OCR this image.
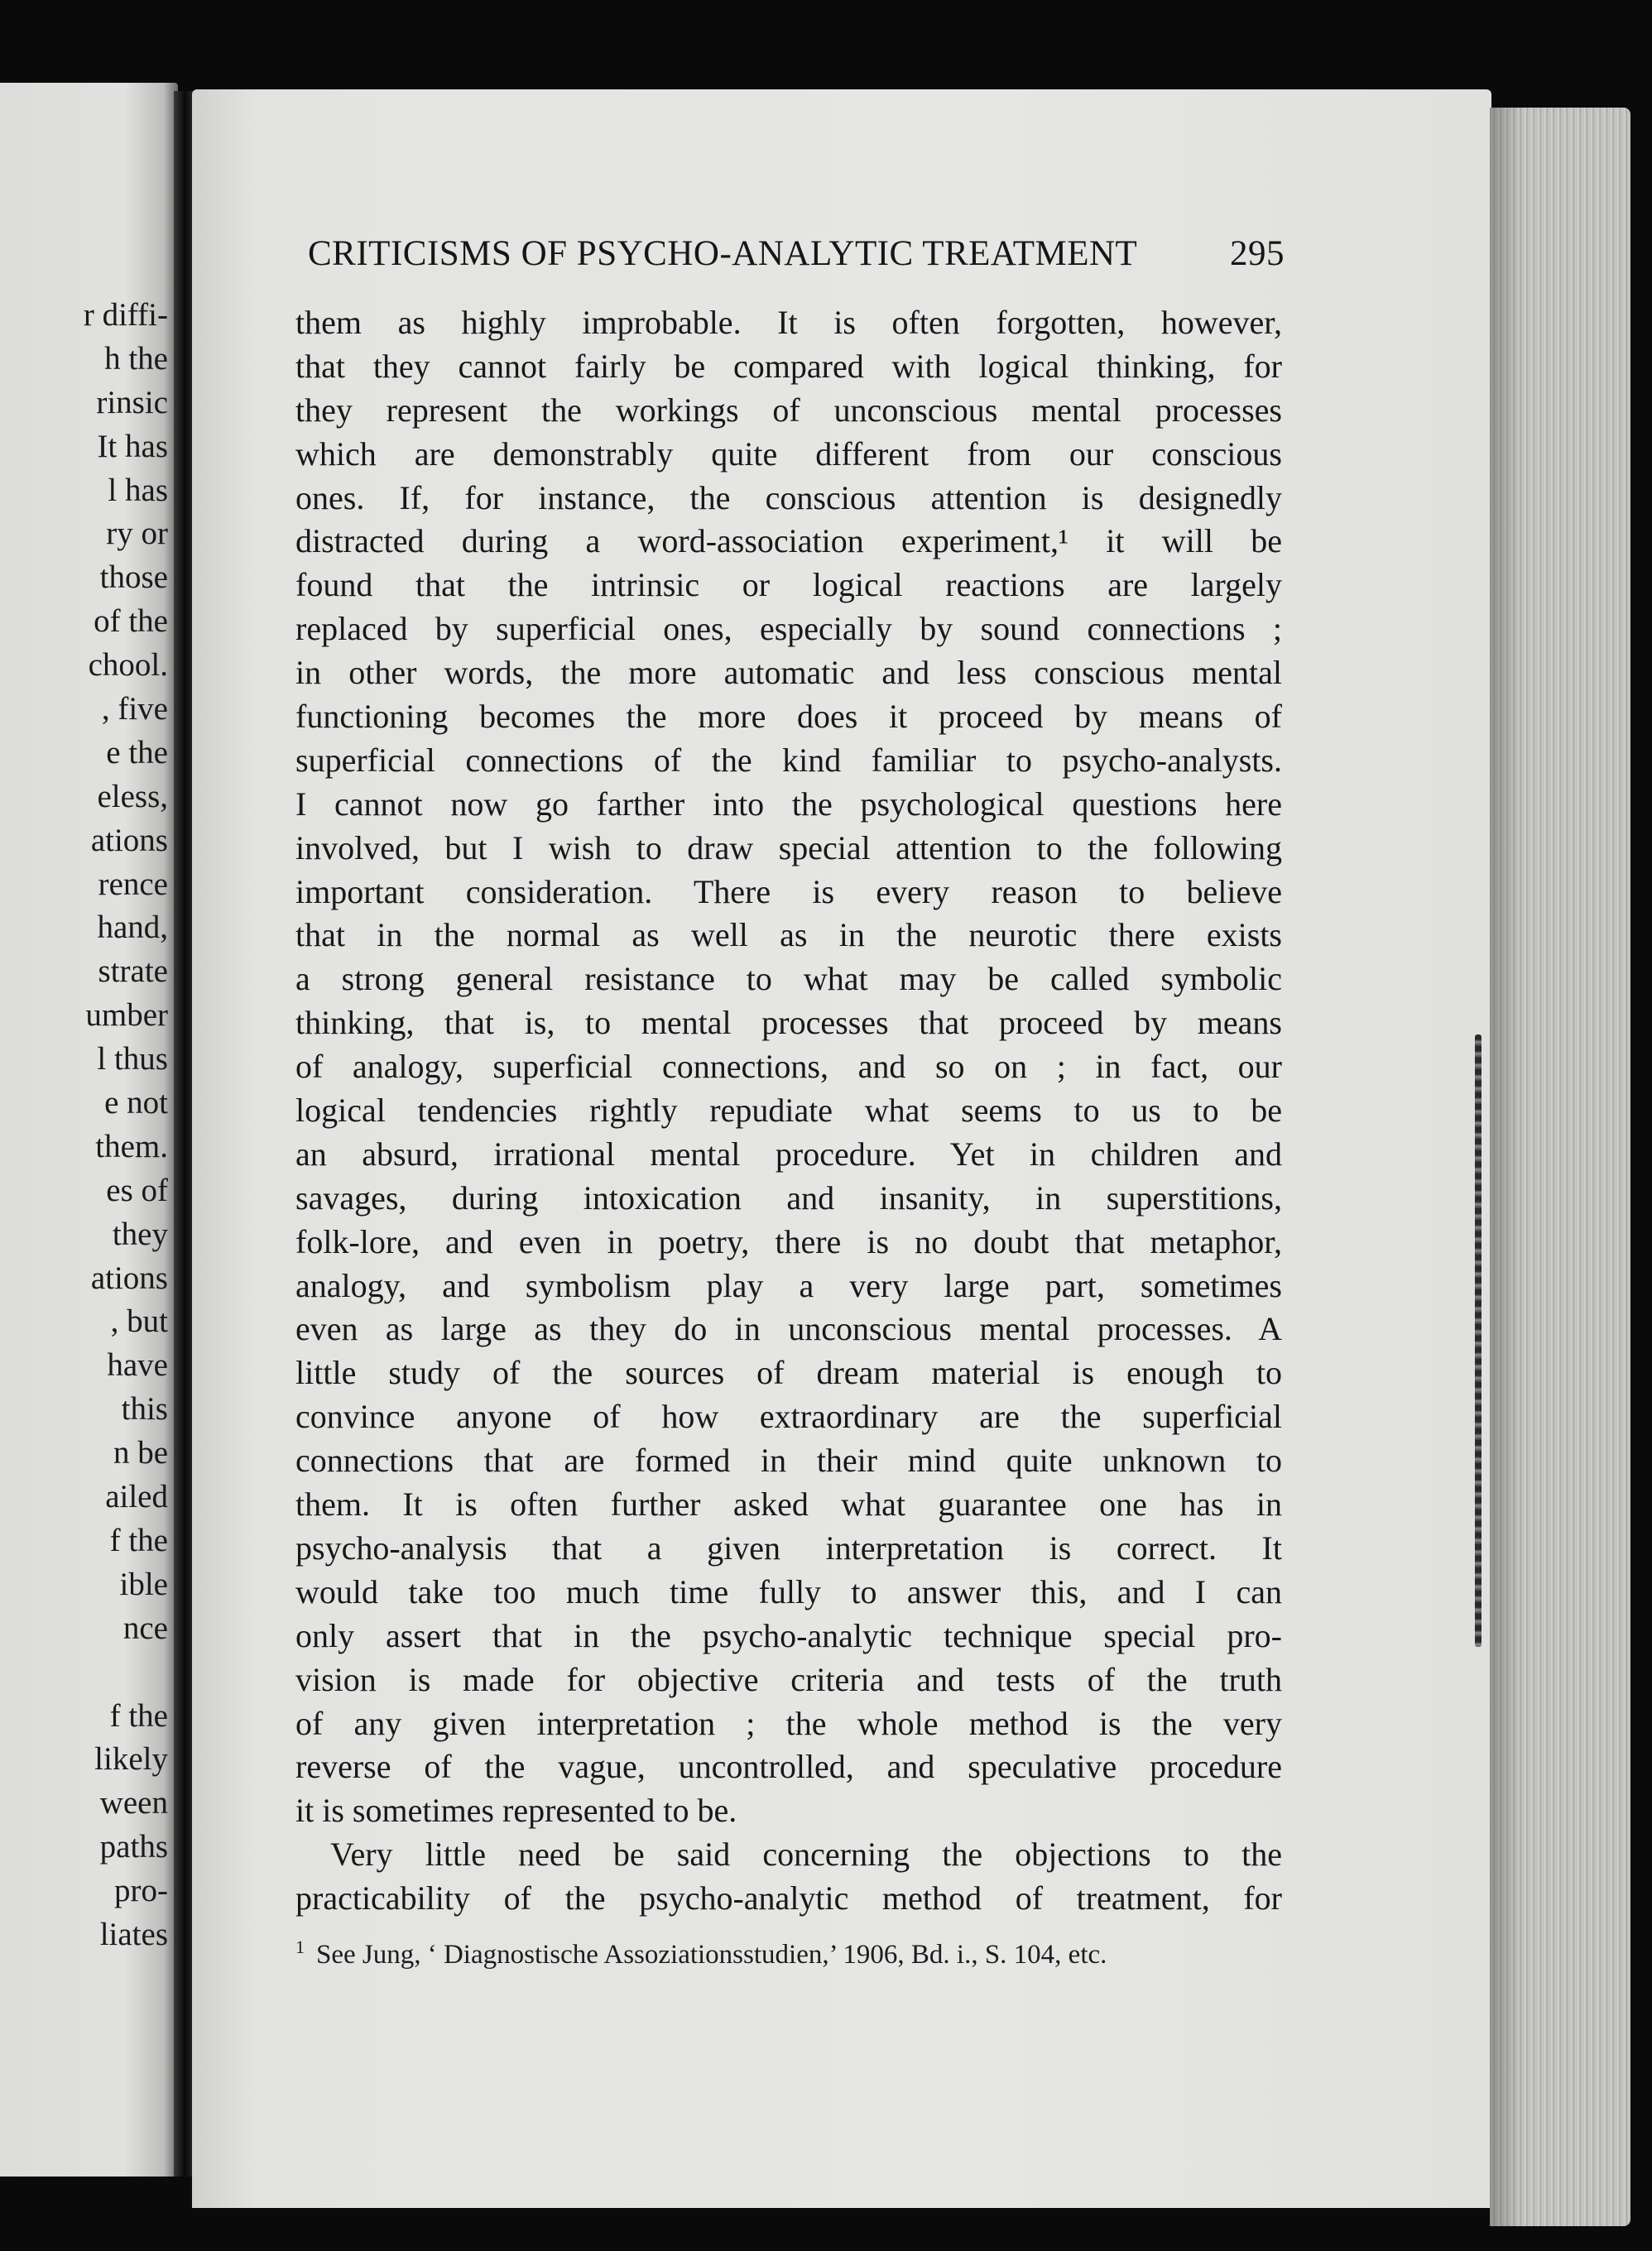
r diffi-
h the
rinsic
It has
l has
ry or
those
of the
chool.
, five
e the
eless,
ations
rence
hand,
strate
umber
l thus
e not
them.
es of
they
ations
, but
have
this
n be
ailed
f the
ible
nce
f the
likely
ween
paths
pro-
liates
CRITICISMS OF PSYCHO-ANALYTIC TREATMENT	295
them as highly improbable. It is often forgotten, however,
that they cannot fairly be compared with logical thinking, for
they represent the workings of unconscious mental processes
which are demonstrably quite different from our conscious
ones. If, for instance, the conscious attention is designedly
distracted during a word-association experiment,¹ it will be
found that the intrinsic or logical reactions are largely
replaced by superficial ones, especially by sound connections ;
in other words, the more automatic and less conscious mental
functioning becomes the more does it proceed by means of
superficial connections of the kind familiar to psycho-analysts.
I cannot now go farther into the psychological questions here
involved, but I wish to draw special attention to the following
important consideration. There is every reason to believe
that in the normal as well as in the neurotic there exists
a strong general resistance to what may be called symbolic
thinking, that is, to mental processes that proceed by means
of analogy, superficial connections, and so on ; in fact, our
logical tendencies rightly repudiate what seems to us to be
an absurd, irrational mental procedure. Yet in children and
savages, during intoxication and insanity, in superstitions,
folk-lore, and even in poetry, there is no doubt that metaphor,
analogy, and symbolism play a very large part, sometimes
even as large as they do in unconscious mental processes. A
little study of the sources of dream material is enough to
convince anyone of how extraordinary are the superficial
connections that are formed in their mind quite unknown to
them. It is often further asked what guarantee one has in
psycho-analysis that a given interpretation is correct. It
would take too much time fully to answer this, and I can
only assert that in the psycho-analytic technique special pro-
vision is made for objective criteria and tests of the truth
of any given interpretation ; the whole method is the very
reverse of the vague, uncontrolled, and speculative procedure
it is sometimes represented to be.
Very little need be said concerning the objections to the
practicability of the psycho-analytic method of treatment, for
$^1$ See Jung, ‘ Diagnostische Assoziationsstudien,’ 1906, Bd. i., S. 104, etc.
